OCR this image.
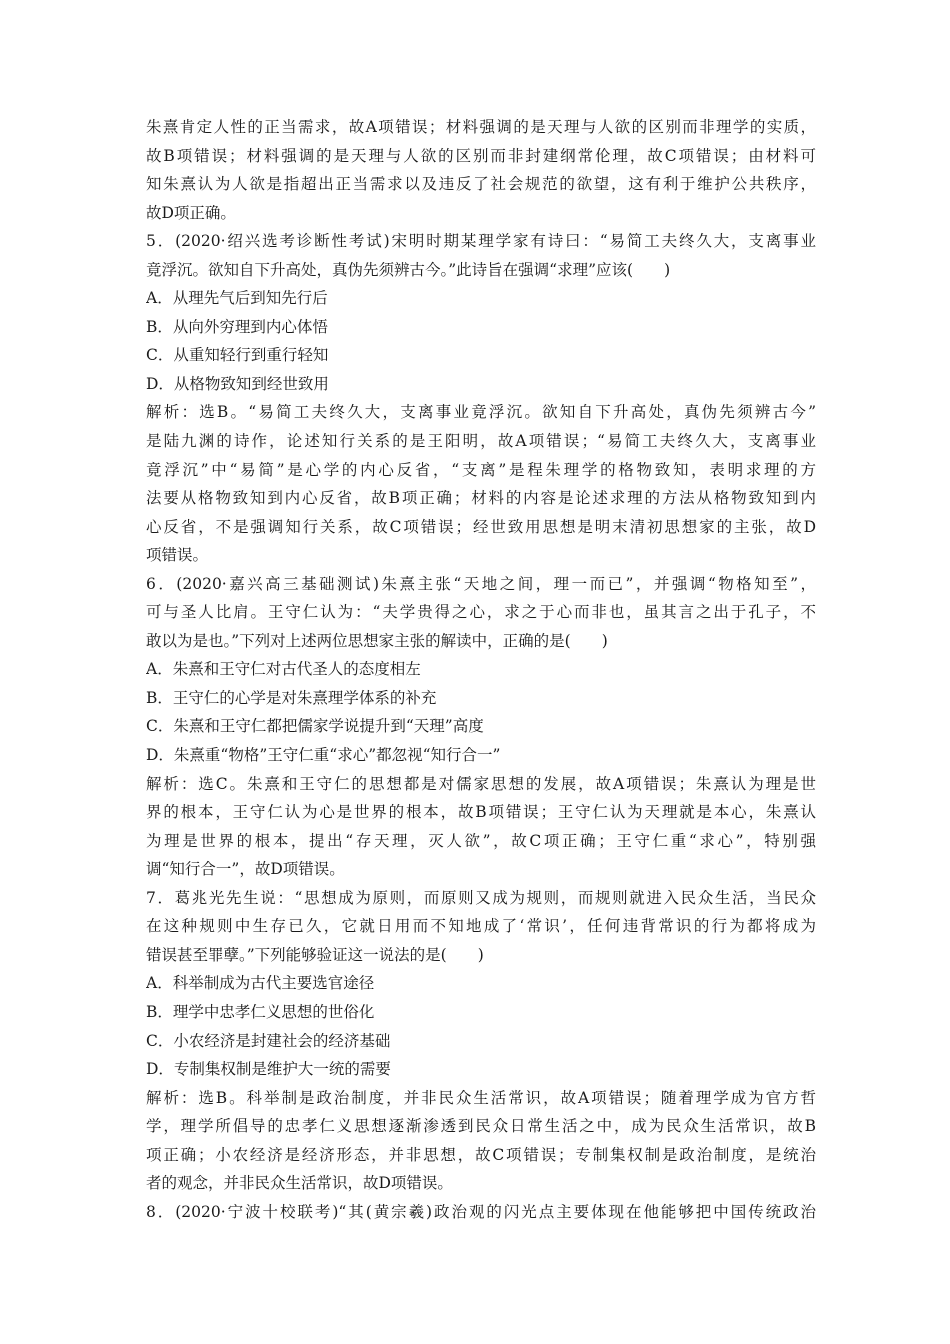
朱熹肯定人性的正当需求，故A项错误；材料强调的是天理与人欲的区别而非理学的实质，
故B项错误；材料强调的是天理与人欲的区别而非封建纲常伦理，故C项错误；由材料可
知朱熹认为人欲是指超出正当需求以及违反了社会规范的欲望，这有利于维护公共秩序，
故D项正确。
5．(2020·绍兴选考诊断性考试)宋明时期某理学家有诗曰：“易简工夫终久大，支离事业
竟浮沉。欲知自下升高处，真伪先须辨古今。”此诗旨在强调“求理”应该(　　)
A．从理先气后到知先行后
B．从向外穷理到内心体悟
C．从重知轻行到重行轻知
D．从格物致知到经世致用
解析：选B。“易简工夫终久大，支离事业竟浮沉。欲知自下升高处，真伪先须辨古今”
是陆九渊的诗作，论述知行关系的是王阳明，故A项错误；“易简工夫终久大，支离事业
竟浮沉”中“易简”是心学的内心反省，“支离”是程朱理学的格物致知，表明求理的方
法要从格物致知到内心反省，故B项正确；材料的内容是论述求理的方法从格物致知到内
心反省，不是强调知行关系，故C项错误；经世致用思想是明末清初思想家的主张，故D
项错误。
6．(2020·嘉兴高三基础测试)朱熹主张“天地之间，理一而已”，并强调“物格知至”，
可与圣人比肩。王守仁认为：“夫学贵得之心，求之于心而非也，虽其言之出于孔子，不
敢以为是也。”下列对上述两位思想家主张的解读中，正确的是(　　)
A．朱熹和王守仁对古代圣人的态度相左
B．王守仁的心学是对朱熹理学体系的补充
C．朱熹和王守仁都把儒家学说提升到“天理”高度
D．朱熹重“物格”王守仁重“求心”都忽视“知行合一”
解析：选C。朱熹和王守仁的思想都是对儒家思想的发展，故A项错误；朱熹认为理是世
界的根本，王守仁认为心是世界的根本，故B项错误；王守仁认为天理就是本心，朱熹认
为理是世界的根本，提出“存天理，灭人欲”，故C项正确；王守仁重“求心”，特别强
调“知行合一”，故D项错误。
7．葛兆光先生说：“思想成为原则，而原则又成为规则，而规则就进入民众生活，当民众
在这种规则中生存已久，它就日用而不知地成了‘常识’，任何违背常识的行为都将成为
错误甚至罪孽。”下列能够验证这一说法的是(　　)
A．科举制成为古代主要选官途径
B．理学中忠孝仁义思想的世俗化
C．小农经济是封建社会的经济基础
D．专制集权制是维护大一统的需要
解析：选B。科举制是政治制度，并非民众生活常识，故A项错误；随着理学成为官方哲
学，理学所倡导的忠孝仁义思想逐渐渗透到民众日常生活之中，成为民众生活常识，故B
项正确；小农经济是经济形态，并非思想，故C项错误；专制集权制是政治制度，是统治
者的观念，并非民众生活常识，故D项错误。
8．(2020·宁波十校联考)“其(黄宗羲)政治观的闪光点主要体现在他能够把中国传统政治
